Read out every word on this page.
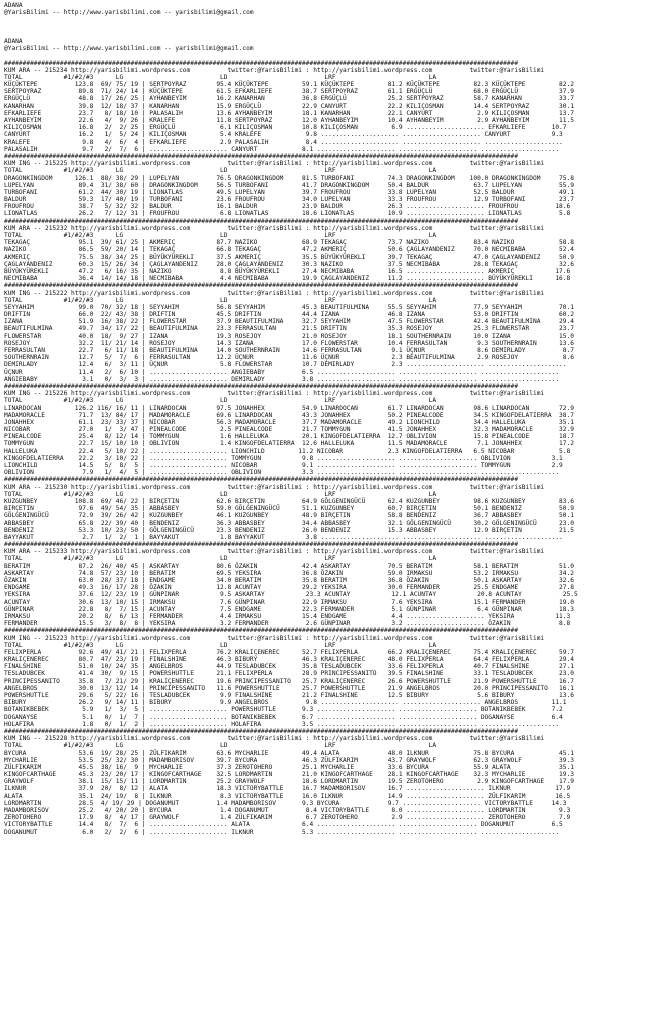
ADANA
@YarisBilimi -- http://www.yarisbilimi.com -- yarisbilimi@gmail.com

ADANA
@YarisBilimi -- http://www.yarisbilimi.com -- yarisbilimi@gmail.com

##########################################################################################################################################
KUM ARA -- 215234 http://yarisbilimi.wordpress.com          twitter:@YarisBilimi : http://yarisbilimi.wordpress.com          twitter:@YarisBilimi
TOTAL           #1/#2/#3      LG                          LD                          LRF                         LA
KÜÇÜKTEPE          123.8  69/ 75/ 19 | SERTPOYRAZ        95.4 KÜÇÜKTEPE         59.1 KÜÇÜKTEPE         81.2 KÜÇÜKTEPE         82.3 KÜÇÜKTEPE         82.2
SERTPOYRAZ          89.8  71/ 24/ 14 | KÜÇÜKTEPE         61.5 EFKARLIEFE        38.7 SERTPOYRAZ        61.1 ERGÜÇLÜ           68.0 ERGÜÇLÜ           37.9
ERGÜÇLÜ             48.8  17/ 26/ 25 | AYHANBEYIM        16.2 KANARHAN          36.8 ERGÜÇLÜ           25.2 SERTPOYRAZ        58.7 KANARHAN          33.7
KANARHAN            39.8  12/ 18/ 37 | KANARHAN          15.9 ERGÜÇLÜ           22.9 CANYURT           22.2 KILIÇOSMAN        14.4 SERTPOYRAZ        30.1
EFKARLIEFE          23.7   8/ 18/ 10 | PALASALIH         13.6 AYHANBEYIM        18.1 KANARHAN          22.1 CANYURT            2.9 KILIÇOSMAN        13.7
AYHANBEYIM          22.6   4/  9/ 26 | KRALEFE           11.8 SERTPOYRAZ        12.0 AYHANBEYIM        10.4 AYHANBEYIM         2.9 AYHANBEYIM        11.5
KILIÇOSMAN          16.8   2/  2/ 25 | ERGÜÇLÜ            6.1 KILIÇOSMAN        10.8 KILIÇOSMAN         6.9 ..................... EFKARLIEFE       10.7
CANYURT             16.2   1/  5/ 24 | KILIÇOSMAN         5.4 KRALEFE            9.8 ..................... ..................... CANYURT           9.3
KRALEFE              9.8   4/  6/  4 | EFKARLIEFE         2.9 PALASALIH          8.4 ..................... ..................... .....................
PALASALIH            9.7   2/  7/  6 | ..................... CANYURT            8.1 ..................... ..................... .....................
##########################################################################################################################################
KUM ING -- 215225 http://yarisbilimi.wordpress.com          twitter:@YarisBilimi : http://yarisbilimi.wordpress.com          twitter:@YarisBilimi
TOTAL           #1/#2/#3      LG                          LD                          LRF                         LA
DRAGONKINGDOM      126.1  88/ 38/ 29 | LUPELYAN          76.5 DRAGONKINGDOM     81.5 TURBOFANI         74.3 DRAGONKINGDOM    100.0 DRAGONKINGDOM     75.8
LUPELYAN            89.4  31/ 38/ 60 | DRAGONKINGDOM     56.5 TURBOFANI         41.7 DRAGONKINGDOM     50.4 BALDUR            63.7 LUPELYAN          55.9
TURBOFANI           61.2  44/ 30/ 19 | LIONATLAS         49.5 LUPELYAN          39.7 FROUFROU          33.8 LUPELYAN          52.5 BALDUR            49.1
BALDUR              59.3  17/ 40/ 19 | TURBOFANI         23.6 FROUFROU          34.0 LUPELYAN          33.3 FROUFROU          12.9 TURBOFANI         23.7
FROUFROU            38.7   5/ 32/ 32 | BALDUR            16.1 BALDUR            23.9 BALDUR            26.3 ..................... FROUFROU          18.6
LIONATLAS           26.2   7/ 12/ 31 | FROUFROU           6.8 LIONATLAS         18.6 LIONATLAS         10.9 ..................... LIONATLAS          5.8
##########################################################################################################################################
KUM ARA -- 215232 http://yarisbilimi.wordpress.com          twitter:@YarisBilimi : http://yarisbilimi.wordpress.com          twitter:@YarisBilimi
TOTAL           #1/#2/#3      LG                          LD                          LRF                         LA
TEKAGAÇ             95.1  39/ 61/ 25 | AKMERIÇ           87.7 NAZIKO            68.9 TEKAGAÇ           73.7 NAZIKO            83.4 NAZIKO            58.8
NAZIKO              86.5  59/ 20/ 14 | TEKAGAÇ           66.8 TEKAGAÇ           47.2 AKMERIÇ           50.6 ÇAGLAYANDENIZ     70.0 NECMIBABA         52.4
AKMERIÇ             75.5  38/ 34/ 25 | BÜYÜKYÜREKLI      37.5 AKMERIÇ           35.5 BÜYÜKYÜREKLI      39.7 TEKAGAÇ           47.0 ÇAGLAYANDENIZ     50.9
ÇAGLAYANDENIZ       60.3  15/ 26/ 34 | ÇAGLAYANDENIZ     28.0 ÇAGLAYANDENIZ     30.3 NAZIKO            37.5 NECMIBABA         28.8 TEKAGAÇ           32.6
BÜYÜKYÜREKLI        47.2   6/ 16/ 35 | NAZIKO             8.8 BÜYÜKYÜREKLI      27.4 NECMIBABA         16.5 ..................... AKMERIÇ           17.6
NECMIBABA           36.4  14/ 14/ 18 | NECMIBABA          4.4 NECMIBABA         19.9 ÇAGLAYANDENIZ     11.2 ..................... BÜYÜKYÜREKLI      16.8
##########################################################################################################################################
KUM ING -- 215222 http://yarisbilimi.wordpress.com          twitter:@YarisBilimi : http://yarisbilimi.wordpress.com          twitter:@YarisBilimi
TOTAL           #1/#2/#3      LG                          LD                          LRF                         LA
SEYYAHIM            99.0  70/ 32/ 18 | SEYYAHIM          56.8 SEYYAHIM          45.3 BEAUTIFULMINA     55.5 SEYYAHIM          77.9 SEYYAHIM          70.1
DRIFTIN             66.0  22/ 43/ 38 | DRIFTIN           45.5 DRIFTIN           44.4 IZANA             46.8 IZANA             53.0 DRIFTIN           60.2
IZANA               51.9  16/ 38/ 22 | FLOWERSTAR        37.9 BEAUTIFULMINA     32.7 SEYYAHIM          47.5 FLOWERSTAR        42.4 BEAUTIFULMINA     29.4
BEAUTIFULMINA       49.7  34/ 17/ 22 | BEAUTIFULMINA     23.3 FERRASULTAN       21.5 DRIFTIN           35.3 ROSEJOY           25.3 FLOWERSTAR        23.7
FLOWERSTAR          40.0  18/  9/ 27 | IZANA             19.3 ROSEJOY           21.0 ROSEJOY           18.1 SOUTHERNRAIN      10.0 IZANA             15.0
ROSEJOY             32.2  11/ 21/ 14 | ROSEJOY           14.3 IZANA             17.0 FLOWERSTAR        10.4 FERRASULTAN        9.3 SOUTHERNRAIN      13.6
FERRASULTAN         22.7   6/ 11/ 18 | BEAUTIFULMINA     14.0 SOUTHERNRAIN      14.6 FERRASULTAN        9.1 ÜÇNUR              8.6 DEMIRLADY          8.7
SOUTHERNRAIN        12.7   5/  7/  6 | FERRASULTAN       12.2 ÜÇNUR             11.6 ÜÇNUR              2.3 BEAUTIFULMINA      2.9 ROSEJOY            8.6
DEMIRLADY           12.4   6/  3/ 11 | ÜÇNUR              5.8 FLOWERSTAR        10.7 DEMIRLADY          2.3 ..................... .....................
ÜÇNUR               11.4   2/  6/ 10 | ..................... ANGIEBABY          6.5 ..................... ..................... .....................
ANGIEBABY            3.1   0/  3/  3 | ..................... DEMIRLADY          3.8 ..................... ..................... .....................
##########################################################################################################################################
KUM ING -- 215226 http://yarisbilimi.wordpress.com          twitter:@YarisBilimi : http://yarisbilimi.wordpress.com          twitter:@YarisBilimi
TOTAL           #1/#2/#3      LG                          LD                          LRF                         LA
LINARDOCAN         126.2 116/ 16/ 11 | LINARDOCAN        97.5 JONAHHEX          54.9 LINARDOCAN        61.7 LINARDOCAN        98.6 LINARDOCAN        72.9
MADAMORACLE         71.7  13/ 84/ 17 | MADAMORACLE       69.6 LINARDOCAN        43.3 JONAHHEX          50.2 PINEALCODE        34.5 KINGOFDELATIERRA  38.7
JONAHHEX            61.1  23/ 33/ 37 | NICOBAR           56.3 MADAMORACLE       37.7 MADAMORACLE       49.2 LIONCHILD         34.4 HALLELUKA         35.1
NICOBAR             27.0   1/  3/ 47 | PINEALCODE         2.5 PINEALCODE        21.7 TOMMYGUN          41.5 JONAHHEX          32.3 MADAMORACLE       32.9
PINEALCODE          25.4   8/ 12/ 14 | TOMMYGUN           1.6 HALLELUKA         20.1 KINGOFDELATIERRA  12.7 OBLIVION          15.8 PINEALCODE        18.7
TOMMYGUN            22.7  15/ 10/ 10 | OBLIVION           1.4 KINGOFDELATIERRA  12.6 HALLELUKA         11.5 MADAMORACLE        7.1 JONAHHEX          17.2
HALLELUKA           22.4   5/ 10/ 22 | ..................... LIONCHILD         11.2 NICOBAR            2.3 KINGOFDELATIERRA   6.5 NICOBAR            5.8
KINGOFDELATIERRA    22.2   3/ 10/ 22 | ..................... TOMMYGUN           9.8 ..................... ..................... OBLIVION           3.1
LIONCHILD           14.5   5/  8/  5 | ..................... NICOBAR            9.1 ..................... ..................... TOMMYGUN           2.9
OBLIVION             7.9   1/  4/  5 | ..................... OBLIVION           3.3 ..................... ..................... .....................
##########################################################################################################################################
KUM ARA -- 215230 http://yarisbilimi.wordpress.com          twitter:@YarisBilimi : http://yarisbilimi.wordpress.com          twitter:@YarisBilimi
TOTAL           #1/#2/#3      LG                          LD                          LRF                         LA
KUZGUNBEY          108.8  69/ 46/ 22 | BIRÇETIN          62.6 BIRÇETIN          64.9 GÖLGENINGÜCÜ      62.4 KUZGUNBEY         98.6 KUZGUNBEY         83.6
BIRÇETIN            97.6  49/ 54/ 35 | ABBASBEY          59.0 GÖLGENINGÜCÜ      51.1 KUZGUNBEY         60.7 BIRÇETIN          50.1 BENDENIZ          50.9
GÖLGENINGÜCÜ        72.9  39/ 26/ 42 | KUZGUNBEY         46.1 KUZGUNBEY         48.9 BIRÇETIN          58.8 BENDENIZ          36.7 ABBASBEY          50.1
ABBASBEY            65.8  22/ 39/ 40 | BENDENIZ          36.3 ABBASBEY          34.4 ABBASBEY          32.1 GÖLGENINGÜCÜ      30.2 GÖLGENINGÜCÜ      23.0
BENDENIZ            53.3  10/ 23/ 50 | GÖLGENINGÜCÜ      23.3 BENDENIZ          26.0 BENDENIZ          15.3 ABBASBEY          12.9 BIRÇETIN          21.5
BAYYAKUT             2.7   1/  2/  1 | BAYYAKUT           1.8 BAYYAKUT           3.8 ..................... ..................... .....................
##########################################################################################################################################
KUM ARA -- 215233 http://yarisbilimi.wordpress.com          twitter:@YarisBilimi : http://yarisbilimi.wordpress.com          twitter:@YarisBilimi
TOTAL           #1/#2/#3      LG                          LD                          LRF                         LA
BERATIM             87.2  26/ 40/ 45 | ASKARTAY          80.6 ÖZAKIN            42.4 ASKARTAY          70.5 BERATIM           58.1 BERATIM           51.0
ASKARTAY            74.8  57/ 23/ 10 | BERATIM           69.5 YEKSIRA           36.8 ÖZAKIN            59.0 IRMAKSU           53.2 IRMAKSU           34.2
ÖZAKIN              63.0  28/ 37/ 18 | ENDGAME           34.0 BERATIM           35.8 BERATIM           36.8 ÖZAKIN            50.1 ASKARTAY          32.6
ENDGAME             49.3  16/ 17/ 28 | ÖZAKIN            12.8 ACUNTAY           29.2 YEKSIRA           30.0 FERMANDER         25.5 ENDGAME           27.8
YEKSIRA             37.6  12/ 23/ 19 | GÜNPINAR           9.5 ASKARTAY           23.3 ACUNTAY           12.1 ACUNTAY           20.8 ACUNTAY           25.5
ACUNTAY             30.6  13/ 10/ 15 | IRMAKSU            7.6 GÜNPINAR          22.9 IRMAKSU            7.6 YEKSIRA           15.1 FERMANDER         19.0
GÜNPINAR            22.8   8/  7/ 15 | ACUNTAY            7.5 ENDGAME           22.3 FERMANDER          5.1 GÜNPINAR           6.4 GÜNPINAR          18.3
IRMAKSU             20.2   8/  6/ 13 | FERMANDER          4.4 IRMAKSU           15.4 ENDGAME            4.4 ..................... YEKSIRA           11.3
FERMANDER           15.5   3/  8/  8 | YEKSIRA            3.2 FERMANDER          2.6 GÜNPINAR           3.2 ..................... ÖZAKIN             8.8
##########################################################################################################################################
KUM ING -- 215223 http://yarisbilimi.wordpress.com          twitter:@YarisBilimi : http://yarisbilimi.wordpress.com          twitter:@YarisBilimi
TOTAL           #1/#2/#3      LG                          LD                          LRF                         LA
FELIXPERLA          92.6  49/ 41/ 21 | FELIXPERLA        76.2 KRALIÇENEREC      52.7 FELIXPERLA        66.2 KRALIÇENEREC      75.4 KRALIÇENEREC      59.7
KRALIÇENEREC        80.7  47/ 23/ 19 | FINALSHINE        46.3 BIBURY            46.3 KRALIÇENEREC      48.0 FELIXPERLA        64.4 FELIXPERLA        29.4
FINALSHINE          51.0  10/ 24/ 35 | ANGELBROS         44.9 TESLADUBCEK       35.8 TESLADUBCEK       33.6 FELIXPERLA        40.7 FINALSHINE        27.1
TESLADUBCEK         41.4  30/  9/ 15 | POWERSHUTTLE      21.1 FELIXPERLA        28.9 PRINCIPESSANITO   39.5 FINALSHINE        33.1 TESLADUBCEK       23.0
PRINCIPESSANITO     35.8   7/ 21/ 29 | KRALIÇENEREC      19.6 PRINCIPESSANITO   25.7 KRALIÇENEREC      26.6 POWERSHUTTLE      21.9 POWERSHUTTLE      16.7
ANGELBROS           30.0  13/ 12/ 14 | PRINCIPESSANITO   11.6 POWERSHUTTLE      25.7 POWERSHUTTLE      21.9 ANGELBROS         20.0 PRINCIPESSANITO   16.1
POWERSHUTTLE        29.6   5/ 22/ 16 | TESLADUBCEK        9.9 FINALSHINE        21.2 FINALSHINE        12.5 BIBURY             5.6 BIBURY            13.6
BIBURY              26.2   9/ 14/ 11 | BIBURY             9.9 ANGELBROS          9.8 ..................... ..................... ANGELBROS         11.1
BOTANIKBEBEK         5.9   1/  3/  5 | ..................... POWERSHUTTLE       9.3 ..................... ..................... BOTANIKBEBEK       7.2
DOGANAYSE            5.1   0/  1/  7 | ..................... BOTANIKBEBEK       6.7 ..................... ..................... DOGANAYSE          6.4
HOLAFIRA             1.8   0/  1/  2 | ..................... HOLAFIRA           3.5 ..................... ..................... .....................
##########################################################################################################################################
KUM ING -- 215228 http://yarisbilimi.wordpress.com          twitter:@YarisBilimi : http://yarisbilimi.wordpress.com          twitter:@YarisBilimi
TOTAL           #1/#2/#3      LG                          LD                          LRF                         LA
BYCURA              53.6  19/ 28/ 25 | ZÜLFIKARIM        63.6 MYCHARLIE         49.4 ALATA             48.0 ILKNUR            75.8 BYCURA            45.1
MYCHARLIE           53.5  25/ 32/ 30 | MADAMBORISOV      39.7 BYCURA            46.3 ZÜLFIKARIM        43.7 GRAYWOLF          62.3 GRAYWOLF          39.3
ZÜLFIKARIM          45.5  38/ 16/  9 | MYCHARLIE         37.3 ZEROTOHERO        25.1 MYCHARLIE         33.6 BYCURA            55.9 ALATA             35.1
KINGOFCARTHAGE      45.3  23/ 20/ 17 | KINGOFCARTHAGE    32.5 LORDMARTIN        21.0 KINGOFCARTHAGE    28.1 KINGOFCARTHAGE    32.3 MYCHARLIE         19.3
GRAYWOLF            38.1  15/ 15/ 11 | LORDMARTIN        25.2 GRAYWOLF          18.6 LORDMARTIN        19.5 ZEROTOHERO         2.9 KINGOFCARTHAGE    17.9
ILKNUR              37.9  20/  8/ 12 | ALATA             18.3 VICTORYBATTLE     16.7 MADAMBORISOV      16.7 ..................... ILKNUR            17.9
ALATA               35.1  24/ 19/  8 | ILKNUR             8.3 VICTORYBATTLE     16.0 ILKNUR            14.9 ..................... ZÜLFIKARIM        16.5
LORDMARTIN          28.5  4/ 19/ 29 | DOGANUMUT          1.4 MADAMBORISOV       9.3 BYCURA             9.7 ..................... VICTORYBATTLE     14.3
MADAMBORISOV        25.2   4/ 20/ 20 | BYCURA             1.4 DOGANUMUT          8.4 VICTORYBATTLE      8.0 ..................... LORDMARTIN         9.3
ZEROTOHERO          17.9   8/  4/ 17 | GRAYWOLF           1.4 ZÜLFIKARIM         6.7 ZEROTOHERO         2.9 ..................... ZEROTOHERO         7.9
VICTORYBATTLE       14.4   8/  7/  6 | ..................... ALATA              6.4 ..................... ..................... DOGANUMUT          6.5
DOGANUMUT            6.0   2/  2/  6 | ..................... ILKNUR             5.3 ..................... ..................... .....................
